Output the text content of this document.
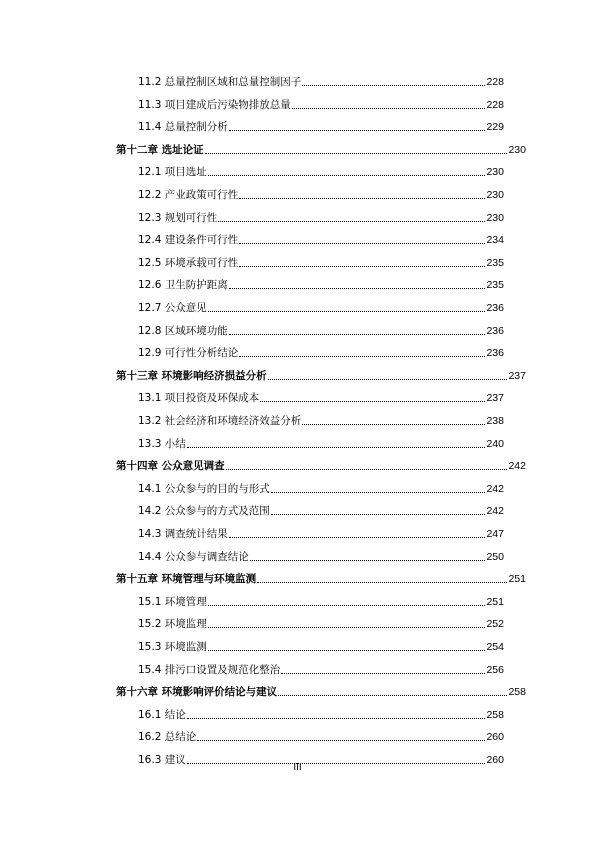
11.2 总量控制区域和总量控制因子	228
11.3 项目建成后污染物排放总量	228
11.4 总量控制分析	229
第十二章 选址论证	230
12.1 项目选址	230
12.2 产业政策可行性	230
12.3 规划可行性	230
12.4 建设条件可行性	234
12.5 环境承载可行性	235
12.6 卫生防护距离	235
12.7 公众意见	236
12.8 区域环境功能	236
12.9 可行性分析结论	236
第十三章 环境影响经济损益分析	237
13.1 项目投资及环保成本	237
13.2 社会经济和环境经济效益分析	238
13.3 小结	240
第十四章 公众意见调查	242
14.1 公众参与的目的与形式	242
14.2 公众参与的方式及范围	242
14.3 调查统计结果	247
14.4 公众参与调查结论	250
第十五章 环境管理与环境监测	251
15.1 环境管理	251
15.2 环境监理	252
15.3 环境监测	254
15.4 排污口设置及规范化整治	256
第十六章 环境影响评价结论与建议	258
16.1 结论	258
16.2 总结论	260
16.3 建议	260
III
